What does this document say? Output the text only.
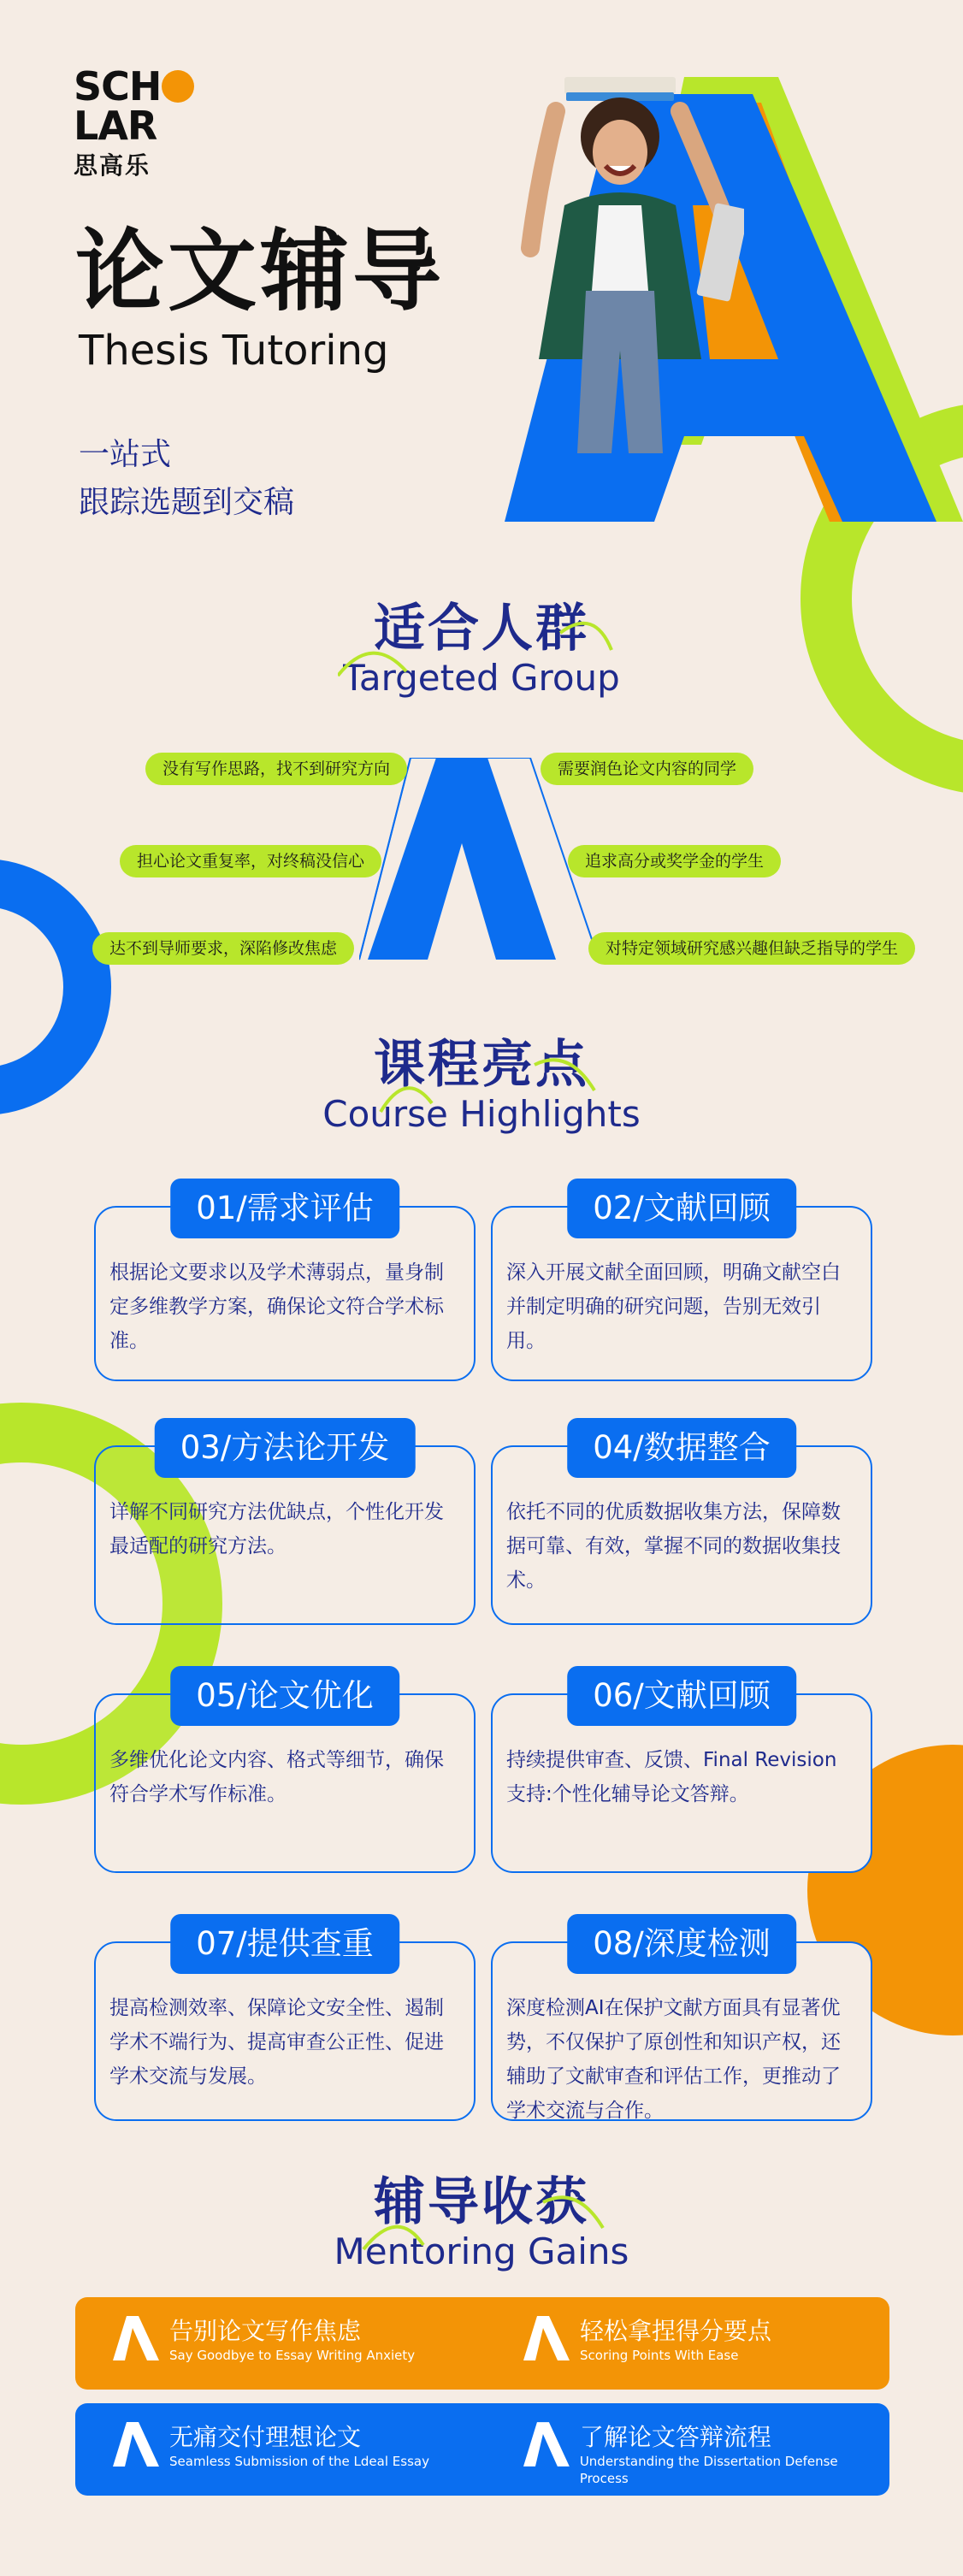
S C H
L A R
思高乐
论文辅导
Thesis Tutoring
一站式
跟踪选题到交稿
适合人群
Targeted Group
没有写作思路，找不到研究方向
担心论文重复率，对终稿没信心
达不到导师要求，深陷修改焦虑
需要润色论文内容的同学
追求高分或奖学金的学生
对特定领域研究感兴趣但缺乏指导的学生
课程亮点
Course Highlights
01/需求评估
根据论文要求以及学术薄弱点，量身制定多维教学方案，确保论文符合学术标准。
02/文献回顾
深入开展文献全面回顾，明确文献空白并制定明确的研究问题，告别无效引用。
03/方法论开发
详解不同研究方法优缺点，个性化开发最适配的研究方法。
04/数据整合
依托不同的优质数据收集方法，保障数据可靠、有效，掌握不同的数据收集技术。
05/论文优化
多维优化论文内容、格式等细节，确保符合学术写作标准。
06/文献回顾
持续提供审查、反馈、Final Revision支持:个性化辅导论文答辩。
07/提供查重
提高检测效率、保障论文安全性、遏制学术不端行为、提高审查公正性、促进学术交流与发展。
08/深度检测
深度检测AI在保护文献方面具有显著优势，不仅保护了原创性和知识产权，还辅助了文献审查和评估工作，更推动了学术交流与合作。
辅导收获
Mentoring Gains
告别论文写作焦虑
Say Goodbye to Essay Writing Anxiety
轻松拿捏得分要点
Scoring Points With Ease
无痛交付理想论文
Seamless Submission of the Ldeal Essay
了解论文答辩流程
Understanding the Dissertation Defense Process
